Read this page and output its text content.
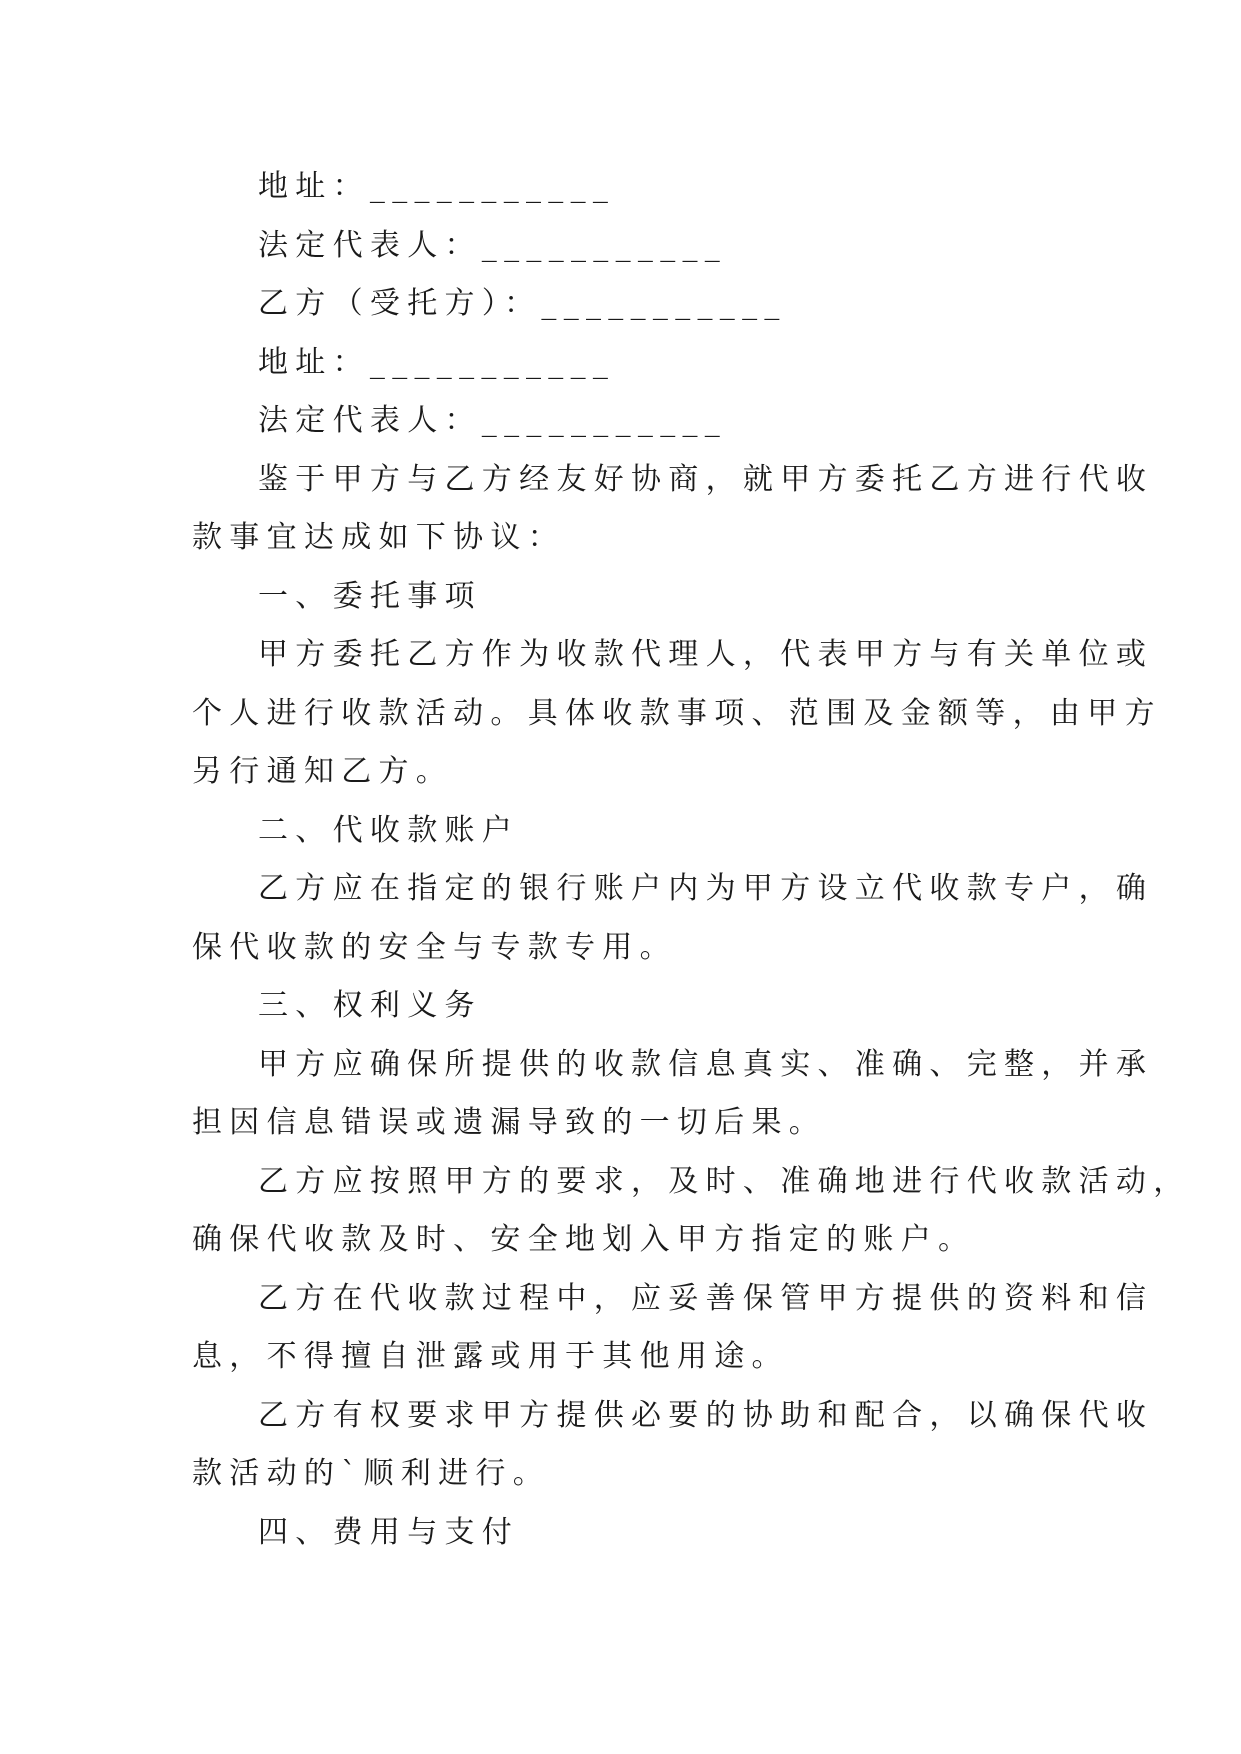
地址：___________

法定代表人：___________

乙方（受托方）：___________

地址：___________

法定代表人：___________

鉴于甲方与乙方经友好协商，就甲方委托乙方进行代收

款事宜达成如下协议：

一、委托事项

甲方委托乙方作为收款代理人，代表甲方与有关单位或

个人进行收款活动。具体收款事项、范围及金额等，由甲方

另行通知乙方。

二、代收款账户

乙方应在指定的银行账户内为甲方设立代收款专户，确

保代收款的安全与专款专用。

三、权利义务

甲方应确保所提供的收款信息真实、准确、完整，并承

担因信息错误或遗漏导致的一切后果。

乙方应按照甲方的要求，及时、准确地进行代收款活动，

确保代收款及时、安全地划入甲方指定的账户。

乙方在代收款过程中，应妥善保管甲方提供的资料和信

息，不得擅自泄露或用于其他用途。

乙方有权要求甲方提供必要的协助和配合，以确保代收

款活动的`顺利进行。

四、费用与支付
